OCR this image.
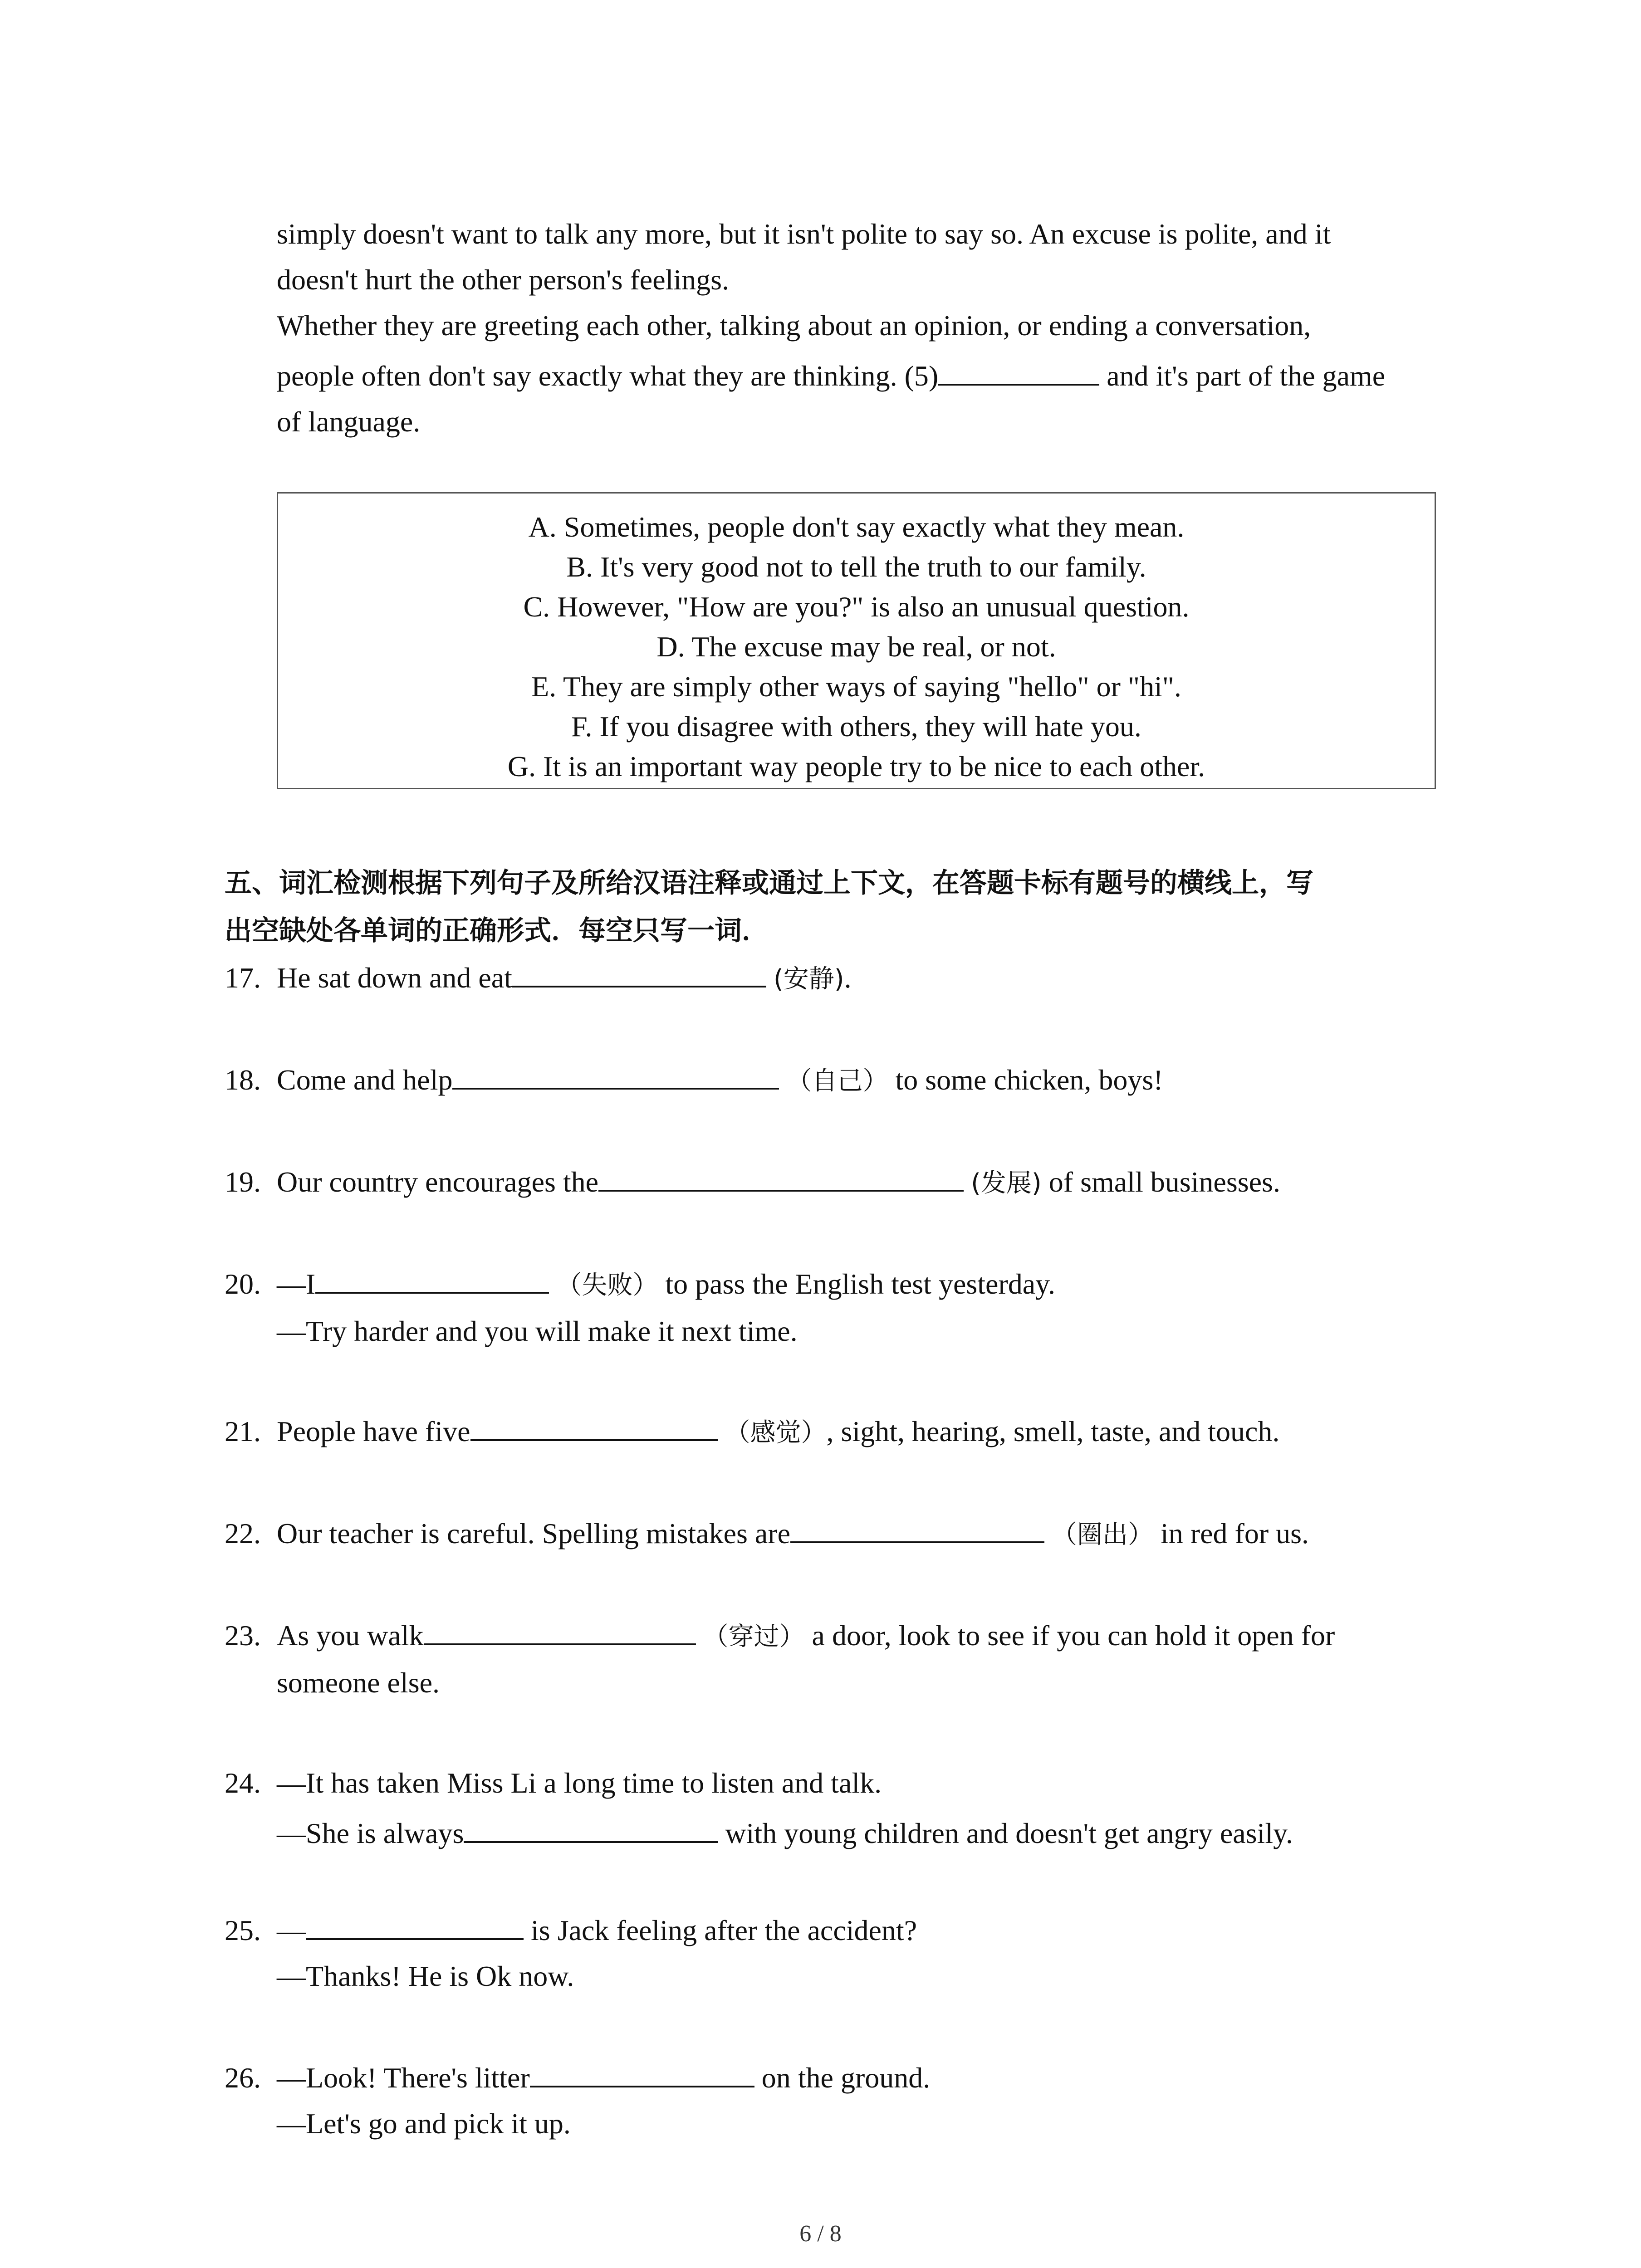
simply doesn't want to talk any more, but it isn't polite to say so. An excuse is polite, and it

doesn't hurt the other person's feelings.

Whether they are greeting each other, talking about an opinion, or ending a conversation,

people often don't say exactly what they are thinking. (5)	and it's part of the game

of language.

A. Sometimes, people don't say exactly what they mean.
B. It's very good not to tell the truth to our family.
C. However, "How are you?" is also an unusual question.
D. The excuse may be real, or not.
E. They are simply other ways of saying "hello" or "hi".
F. If you disagree with others, they will hate you.
G. It is an important way people try to be nice to each other.
五、词汇检测根据下列句子及所给汉语注释或通过上下文，在答题卡标有题号的横线上，写
出空缺处各单词的正确形式．每空只写一词．
17. He sat down and eat	(安静).
18. Come and help	（自己） to some chicken, boys!
19. Our country encourages the	(发展) of small businesses.
20. —I	（失败） to pass the English test yesterday.
—Try harder and you will make it next time.
21. People have five	（感觉）, sight, hearing, smell, taste, and touch.
22. Our teacher is careful. Spelling mistakes are	（圈出） in red for us.
23. As you walk	（穿过） a door, look to see if you can hold it open for
someone else.
24. —It has taken Miss Li a long time to listen and talk.
—She is always	with young children and doesn't get angry easily.
25. —	is Jack feeling after the accident?
—Thanks! He is Ok now.
26. —Look! There's litter	on the ground.
—Let's go and pick it up.
6 / 8
